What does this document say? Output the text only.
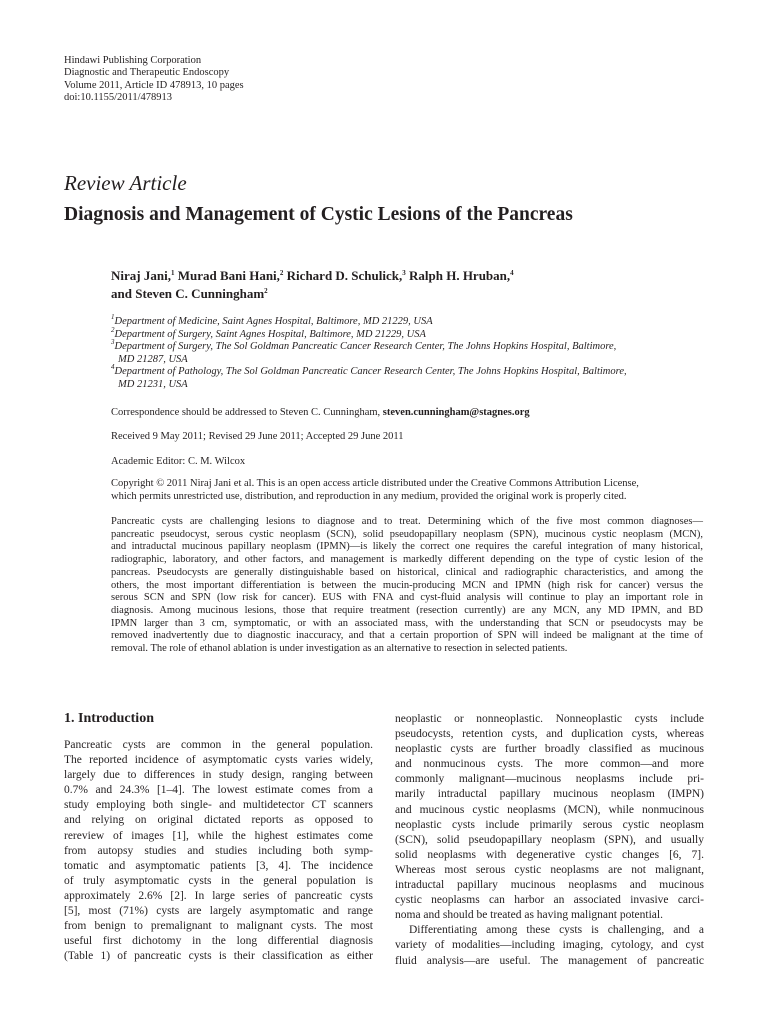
Hindawi Publishing Corporation
Diagnostic and Therapeutic Endoscopy
Volume 2011, Article ID 478913, 10 pages
doi:10.1155/2011/478913
Review Article
Diagnosis and Management of Cystic Lesions of the Pancreas
Niraj Jani,$^1$ Murad Bani Hani,$^2$ Richard D. Schulick,$^3$ Ralph H. Hruban,$^4$
and Steven C. Cunningham$^2$
$^1$Department of Medicine, Saint Agnes Hospital, Baltimore, MD 21229, USA
$^2$Department of Surgery, Saint Agnes Hospital, Baltimore, MD 21229, USA
$^3$Department of Surgery, The Sol Goldman Pancreatic Cancer Research Center, The Johns Hopkins Hospital, Baltimore,
MD 21287, USA
$^4$Department of Pathology, The Sol Goldman Pancreatic Cancer Research Center, The Johns Hopkins Hospital, Baltimore,
MD 21231, USA
Correspondence should be addressed to Steven C. Cunningham, steven.cunningham@stagnes.org
Received 9 May 2011; Revised 29 June 2011; Accepted 29 June 2011
Academic Editor: C. M. Wilcox
Copyright © 2011 Niraj Jani et al. This is an open access article distributed under the Creative Commons Attribution License,
which permits unrestricted use, distribution, and reproduction in any medium, provided the original work is properly cited.
Pancreatic cysts are challenging lesions to diagnose and to treat. Determining which of the five most common diagnoses—
pancreatic pseudocyst, serous cystic neoplasm (SCN), solid pseudopapillary neoplasm (SPN), mucinous cystic neoplasm (MCN),
and intraductal mucinous papillary neoplasm (IPMN)—is likely the correct one requires the careful integration of many historical,
radiographic, laboratory, and other factors, and management is markedly different depending on the type of cystic lesion of the
pancreas. Pseudocysts are generally distinguishable based on historical, clinical and radiographic characteristics, and among the
others, the most important differentiation is between the mucin-producing MCN and IPMN (high risk for cancer) versus the
serous SCN and SPN (low risk for cancer). EUS with FNA and cyst-fluid analysis will continue to play an important role in
diagnosis. Among mucinous lesions, those that require treatment (resection currently) are any MCN, any MD IPMN, and BD
IPMN larger than 3 cm, symptomatic, or with an associated mass, with the understanding that SCN or pseudocysts may be
removed inadvertently due to diagnostic inaccuracy, and that a certain proportion of SPN will indeed be malignant at the time of
removal. The role of ethanol ablation is under investigation as an alternative to resection in selected patients.
1. Introduction
Pancreatic cysts are common in the general population.
The reported incidence of asymptomatic cysts varies widely,
largely due to differences in study design, ranging between
0.7% and 24.3% [1–4]. The lowest estimate comes from a
study employing both single- and multidetector CT scanners
and relying on original dictated reports as opposed to
rereview of images [1], while the highest estimates come
from autopsy studies and studies including both symp-
tomatic and asymptomatic patients [3, 4]. The incidence
of truly asymptomatic cysts in the general population is
approximately 2.6% [2]. In large series of pancreatic cysts
[5], most (71%) cysts are largely asymptomatic and range
from benign to premalignant to malignant cysts. The most
useful first dichotomy in the long differential diagnosis
(Table 1) of pancreatic cysts is their classification as either
neoplastic or nonneoplastic. Nonneoplastic cysts include
pseudocysts, retention cysts, and duplication cysts, whereas
neoplastic cysts are further broadly classified as mucinous
and nonmucinous cysts. The more common—and more
commonly malignant—mucinous neoplasms include pri-
marily intraductal papillary mucinous neoplasm (IMPN)
and mucinous cystic neoplasms (MCN), while nonmucinous
neoplastic cysts include primarily serous cystic neoplasm
(SCN), solid pseudopapillary neoplasm (SPN), and usually
solid neoplasms with degenerative cystic changes [6, 7].
Whereas most serous cystic neoplasms are not malignant,
intraductal papillary mucinous neoplasms and mucinous
cystic neoplasms can harbor an associated invasive carci-
noma and should be treated as having malignant potential.
Differentiating among these cysts is challenging, and a
variety of modalities—including imaging, cytology, and cyst
fluid analysis—are useful. The management of pancreatic
